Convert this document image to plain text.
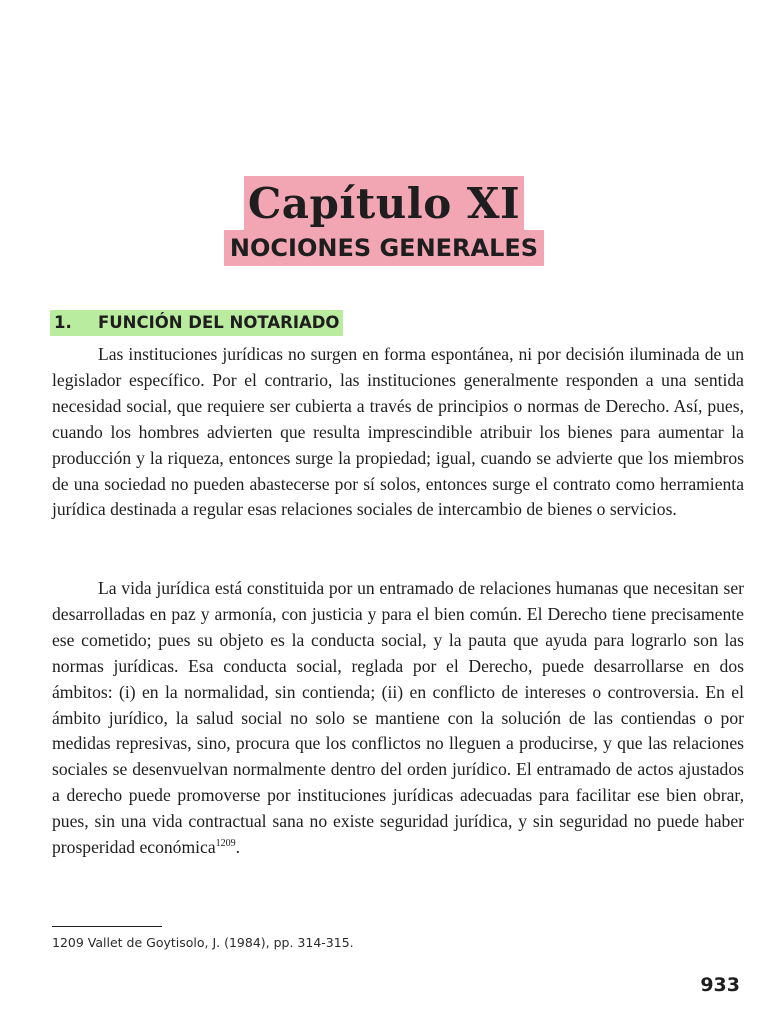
Capítulo XI
NOCIONES GENERALES
1. FUNCIÓN DEL NOTARIADO

Las instituciones jurídicas no surgen en forma espontánea, ni por decisión iluminada de un legislador específico. Por el contrario, las instituciones generalmente responden a una sentida necesidad social, que requiere ser cubierta a través de principios o normas de Derecho. Así, pues, cuando los hombres advierten que resulta imprescindible atribuir los bienes para aumentar la producción y la riqueza, entonces surge la propiedad; igual, cuando se advierte que los miembros de una sociedad no pueden abastecerse por sí solos, entonces surge el contrato como herramienta jurídica destinada a regular esas relaciones sociales de intercambio de bienes o servicios.

La vida jurídica está constituida por un entramado de relaciones humanas que necesitan ser desarrolladas en paz y armonía, con justicia y para el bien común. El Derecho tiene precisamente ese cometido; pues su objeto es la conducta social, y la pauta que ayuda para lograrlo son las normas jurídicas. Esa conducta social, reglada por el Derecho, puede desarrollarse en dos ámbitos: (i) en la normalidad, sin contienda; (ii) en conflicto de intereses o controversia. En el ámbito jurídico, la salud social no solo se mantiene con la solución de las contiendas o por medidas represivas, sino, procura que los conflictos no lleguen a producirse, y que las relaciones sociales se desenvuelvan normalmente dentro del orden jurídico. El entramado de actos ajustados a derecho puede promoverse por instituciones jurídicas adecuadas para facilitar ese bien obrar, pues, sin una vida contractual sana no existe seguridad jurídica, y sin seguridad no puede haber prosperidad económica$^{1209}$.

1209 Vallet de Goytisolo, J. (1984), pp. 314-315.
933
